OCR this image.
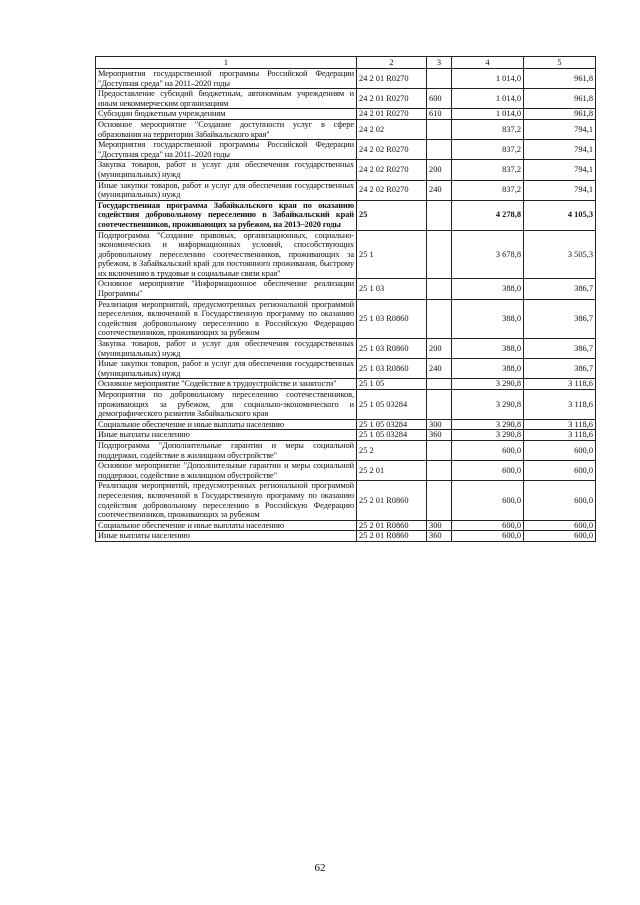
1	2	3	4	5
Мероприятия государственной программы Российской Федерации "Доступная среда" на 2011–2020 годы	24 2 01 R0270		1 014,0	961,8
Предоставление субсидий бюджетным, автономным учреждениям и иным некоммерческим организациям	24 2 01 R0270	600	1 014,0	961,8
Субсидии бюджетным учреждениям	24 2 01 R0270	610	1 014,0	961,8
Основное мероприятие "Создание доступности услуг в сфере образования на территории Забайкальского края"	24 2 02		837,2	794,1
Мероприятия государственной программы Российской Федерации "Доступная среда" на 2011–2020 годы	24 2 02 R0270		837,2	794,1
Закупка товаров, работ и услуг для обеспечения государственных (муниципальных) нужд	24 2 02 R0270	200	837,2	794,1
Иные закупки товаров, работ и услуг для обеспечения государственных (муниципальных) нужд	24 2 02 R0270	240	837,2	794,1
Государственная программа Забайкальского края по оказанию содействия добровольному переселению в Забайкальский край соотечественников, проживающих за рубежом, на 2013–2020 годы	25		4 278,8	4 105,3
Подпрограмма "Создание правовых, организационных, социально-экономических и информационных условий, способствующих добровольному переселению соотечественников, проживающих за рубежом, в Забайкальский край для постоянного проживания, быстрому их включению в трудовые и социальные связи края"	25 1		3 678,8	3 505,3
Основное мероприятие "Информационное обеспечение реализации Программы"	25 1 03		388,0	386,7
Реализация мероприятий, предусмотренных региональной программой переселения, включенной в Государственную программу по оказанию содействия добровольному переселению в Российскую Федерацию соотечественников, проживающих за рубежом	25 1 03 R0860		388,0	386,7
Закупка товаров, работ и услуг для обеспечения государственных (муниципальных) нужд	25 1 03 R0860	200	388,0	386,7
Иные закупки товаров, работ и услуг для обеспечения государственных (муниципальных) нужд	25 1 03 R0860	240	388,0	386,7
Основное мероприятие "Содействие в трудоустройстве и занятости"	25 1 05		3 290,8	3 118,6
Мероприятия по добровольному переселению соотечественников, проживающих за рубежом, для социально-экономического и демографического развития Забайкальского края	25 1 05 03284		3 290,8	3 118,6
Социальное обеспечение и иные выплаты населению	25 1 05 03284	300	3 290,8	3 118,6
Иные выплаты населению	25 1 05 03284	360	3 290,8	3 118,6
Подпрограмма "Дополнительные гарантии и меры социальной поддержки, содействие в жилищном обустройстве"	25 2		600,0	600,0
Основное мероприятие "Дополнительные гарантии и меры социальной поддержки, содействие в жилищном обустройстве"	25 2 01		600,0	600,0
Реализация мероприятий, предусмотренных региональной программой переселения, включенной в Государственную программу по оказанию содействия добровольному переселению в Российскую Федерацию соотечественников, проживающих за рубежом	25 2 01 R0860		600,0	600,0
Социальное обеспечение и иные выплаты населению	25 2 01 R0860	300	600,0	600,0
Иные выплаты населению	25 2 01 R0860	360	600,0	600,0
62
